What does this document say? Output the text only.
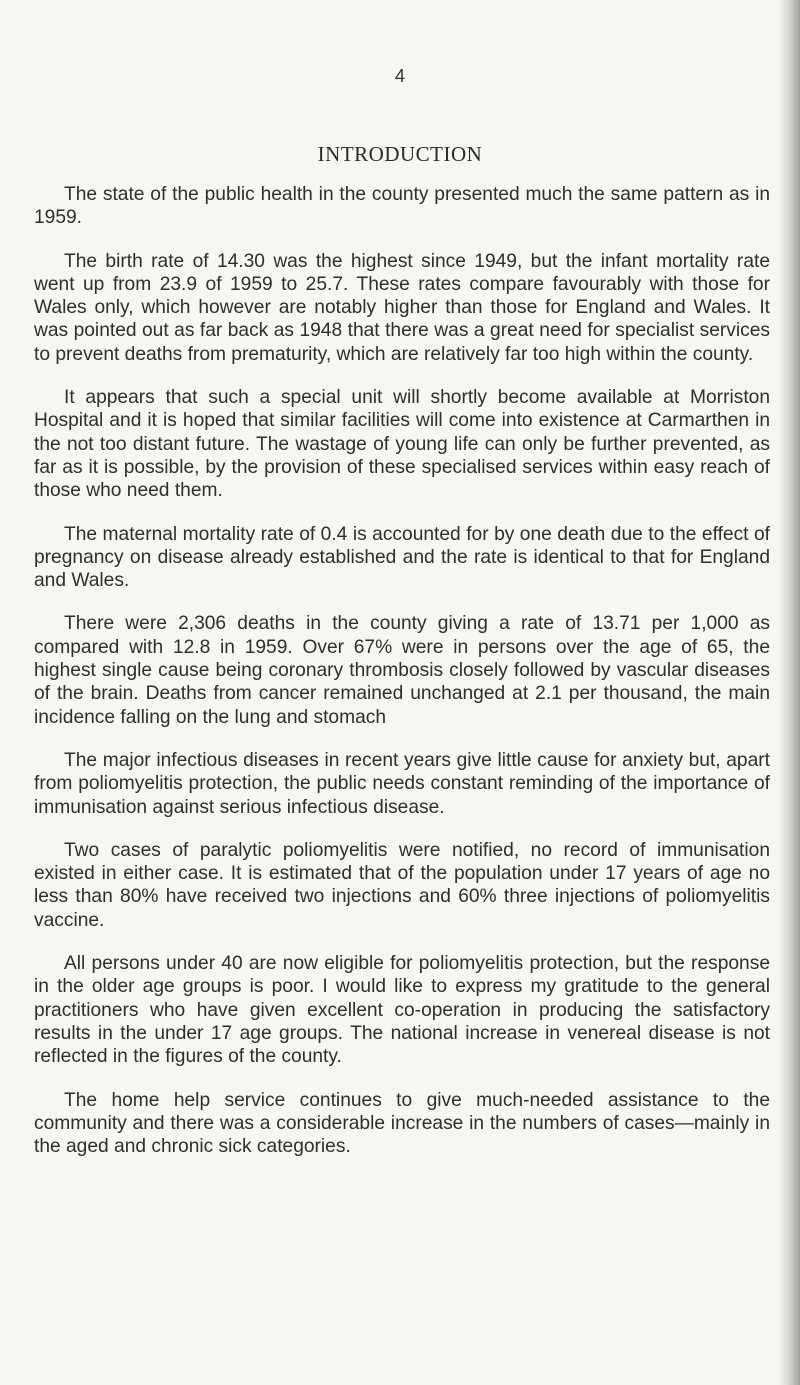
4
INTRODUCTION

The state of the public health in the county presented much the same pattern as in 1959.

The birth rate of 14.30 was the highest since 1949, but the infant mortality rate went up from 23.9 of 1959 to 25.7. These rates compare favourably with those for Wales only, which however are notably higher than those for England and Wales. It was pointed out as far back as 1948 that there was a great need for specialist services to prevent deaths from prematurity, which are relatively far too high within the county.

It appears that such a special unit will shortly become available at Morriston Hospital and it is hoped that similar facilities will come into existence at Carmarthen in the not too distant future. The wastage of young life can only be further prevented, as far as it is possible, by the provision of these specialised services within easy reach of those who need them.

The maternal mortality rate of 0.4 is accounted for by one death due to the effect of pregnancy on disease already established and the rate is identical to that for England and Wales.

There were 2,306 deaths in the county giving a rate of 13.71 per 1,000 as compared with 12.8 in 1959. Over 67% were in persons over the age of 65, the highest single cause being coronary thrombosis closely followed by vascular diseases of the brain. Deaths from cancer remained unchanged at 2.1 per thousand, the main incidence falling on the lung and stomach

The major infectious diseases in recent years give little cause for anxiety but, apart from poliomyelitis protection, the public needs constant reminding of the importance of immunisation against serious infectious disease.

Two cases of paralytic poliomyelitis were notified, no record of immunisation existed in either case. It is estimated that of the population under 17 years of age no less than 80% have received two injections and 60% three injections of poliomyelitis vaccine.

All persons under 40 are now eligible for poliomyelitis protection, but the response in the older age groups is poor. I would like to express my gratitude to the general practitioners who have given excellent co-operation in producing the satisfactory results in the under 17 age groups. The national increase in venereal disease is not reflected in the figures of the county.

The home help service continues to give much-needed assistance to the community and there was a considerable increase in the numbers of cases—mainly in the aged and chronic sick categories.
